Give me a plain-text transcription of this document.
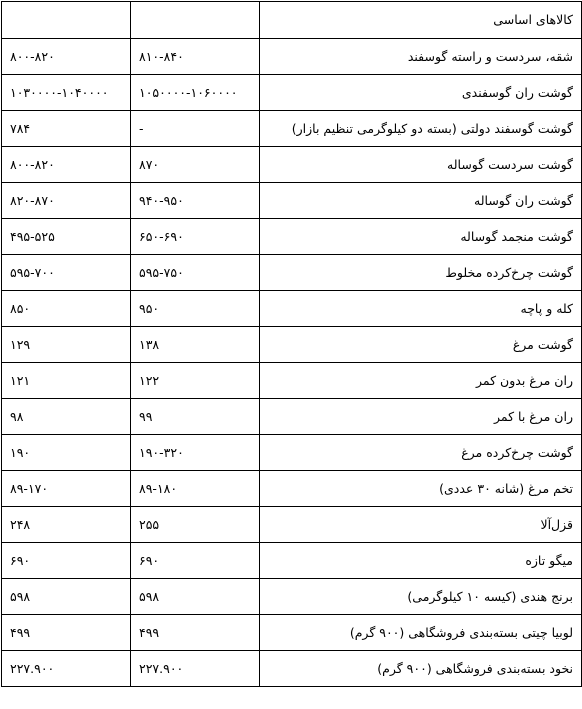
کالاهای اساسی		
شقه، سردست و راسته گوسفند	۸۱۰-۸۴۰	۸۰۰-۸۲۰
گوشت ران گوسفندی	۱۰۵۰۰۰۰-۱۰۶۰۰۰۰	۱۰۳۰۰۰۰-۱۰۴۰۰۰۰
گوشت گوسفند دولتی (بسته دو کیلوگرمی تنظیم بازار)	-	۷۸۴
گوشت سردست گوساله	۸۷۰	۸۰۰-۸۲۰
گوشت ران گوساله	۹۴۰-۹۵۰	۸۲۰-۸۷۰
گوشت منجمد گوساله	۶۵۰-۶۹۰	۴۹۵-۵۲۵
گوشت چرخ‌کرده مخلوط	۵۹۵-۷۵۰	۵۹۵-۷۰۰
کله و پاچه	۹۵۰	۸۵۰
گوشت مرغ	۱۳۸	۱۲۹
ران مرغ بدون کمر	۱۲۲	۱۲۱
ران مرغ با کمر	۹۹	۹۸
گوشت چرخ‌کرده مرغ	۱۹۰-۳۲۰	۱۹۰
تخم مرغ (شانه ۳۰ عددی)	۸۹-۱۸۰	۸۹-۱۷۰
قزل‌آلا	۲۵۵	۲۴۸
میگو تازه	۶۹۰	۶۹۰
برنج هندی (کیسه ۱۰ کیلوگرمی)	۵۹۸	۵۹۸
لوبیا چیتی بسته‌بندی فروشگاهی (۹۰۰ گرم)	۴۹۹	۴۹۹
نخود بسته‌بندی فروشگاهی (۹۰۰ گرم)	۲۲۷.۹۰۰	۲۲۷.۹۰۰
